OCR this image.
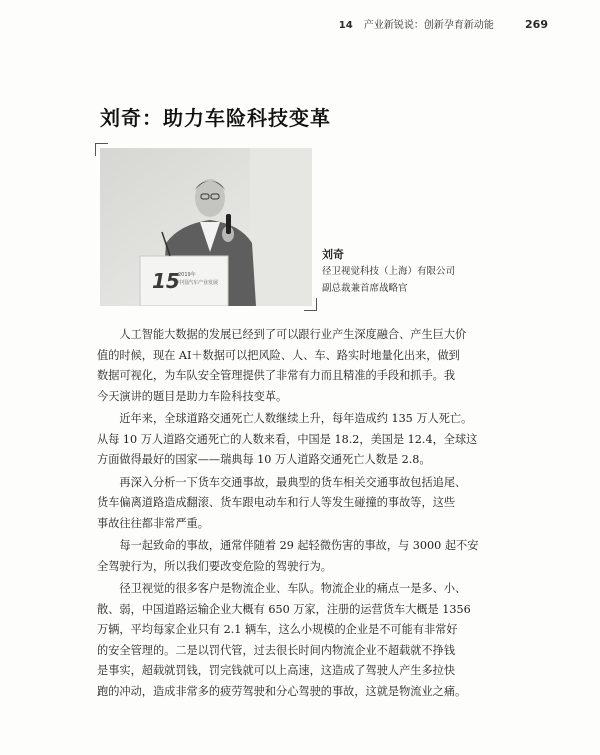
14 产业新锐说：创新孕育新动能	269
刘奇：助力车险科技变革
15
2019年
中国汽车产业发展
刘奇
径卫视觉科技（上海）有限公司
副总裁兼首席战略官

人工智能大数据的发展已经到了可以跟行业产生深度融合、产生巨大价
值的时候，现在 AI＋数据可以把风险、人、车、路实时地量化出来，做到
数据可视化，为车队安全管理提供了非常有力而且精准的手段和抓手。我
今天演讲的题目是助力车险科技变革。

近年来，全球道路交通死亡人数继续上升，每年造成约 135 万人死亡。
从每 10 万人道路交通死亡的人数来看，中国是 18.2，美国是 12.4，全球这
方面做得最好的国家——瑞典每 10 万人道路交通死亡人数是 2.8。

再深入分析一下货车交通事故，最典型的货车相关交通事故包括追尾、
货车偏离道路造成翻滚、货车跟电动车和行人等发生碰撞的事故等，这些
事故往往都非常严重。

每一起致命的事故，通常伴随着 29 起轻微伤害的事故，与 3000 起不安
全驾驶行为，所以我们要改变危险的驾驶行为。

径卫视觉的很多客户是物流企业、车队。物流企业的痛点一是多、小、
散、弱，中国道路运输企业大概有 650 万家，注册的运营货车大概是 1356
万辆，平均每家企业只有 2.1 辆车，这么小规模的企业是不可能有非常好
的安全管理的。二是以罚代管，过去很长时间内物流企业不超载就不挣钱
是事实，超载就罚钱，罚完钱就可以上高速，这造成了驾驶人产生多拉快
跑的冲动，造成非常多的疲劳驾驶和分心驾驶的事故，这就是物流业之痛。
